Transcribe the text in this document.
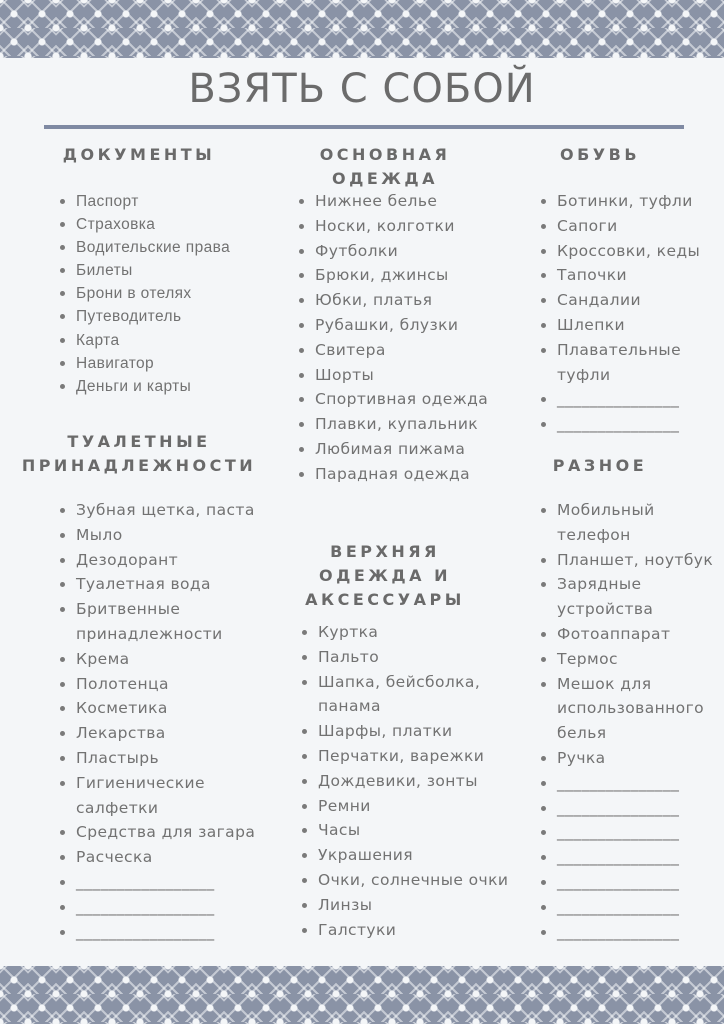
ВЗЯТЬ С СОБОЙ
ДОКУМЕНТЫ
Паспорт
Страховка
Водительские права
Билеты
Брони в отелях
Путеводитель
Карта
Навигатор
Деньги и карты
ТУАЛЕТНЫЕ
ПРИНАДЛЕЖНОСТИ
Зубная щетка, паста
Мыло
Дезодорант
Туалетная вода
Бритвенные принадлежности
Крема
Полотенца
Косметика
Лекарства
Пластырь
Гигиенические салфетки
Средства для загара
Расческа
_________________
_________________
_________________
ОСНОВНАЯ
ОДЕЖДА
Нижнее белье
Носки, колготки
Футболки
Брюки, джинсы
Юбки, платья
Рубашки, блузки
Свитера
Шорты
Спортивная одежда
Плавки, купальник
Любимая пижама
Парадная одежда
ВЕРХНЯЯ
ОДЕЖДА И
АКСЕССУАРЫ
Куртка
Пальто
Шапка, бейсболка, панама
Шарфы, платки
Перчатки, варежки
Дождевики, зонты
Ремни
Часы
Украшения
Очки, солнечные очки
Линзы
Галстуки
ОБУВЬ
Ботинки, туфли
Сапоги
Кроссовки, кеды
Тапочки
Сандалии
Шлепки
Плавательные туфли
_______________
_______________
РАЗНОЕ
Мобильный телефон
Планшет, ноутбук
Зарядные устройства
Фотоаппарат
Термос
Мешок для использованного белья
Ручка
_______________
_______________
_______________
_______________
_______________
_______________
_______________
